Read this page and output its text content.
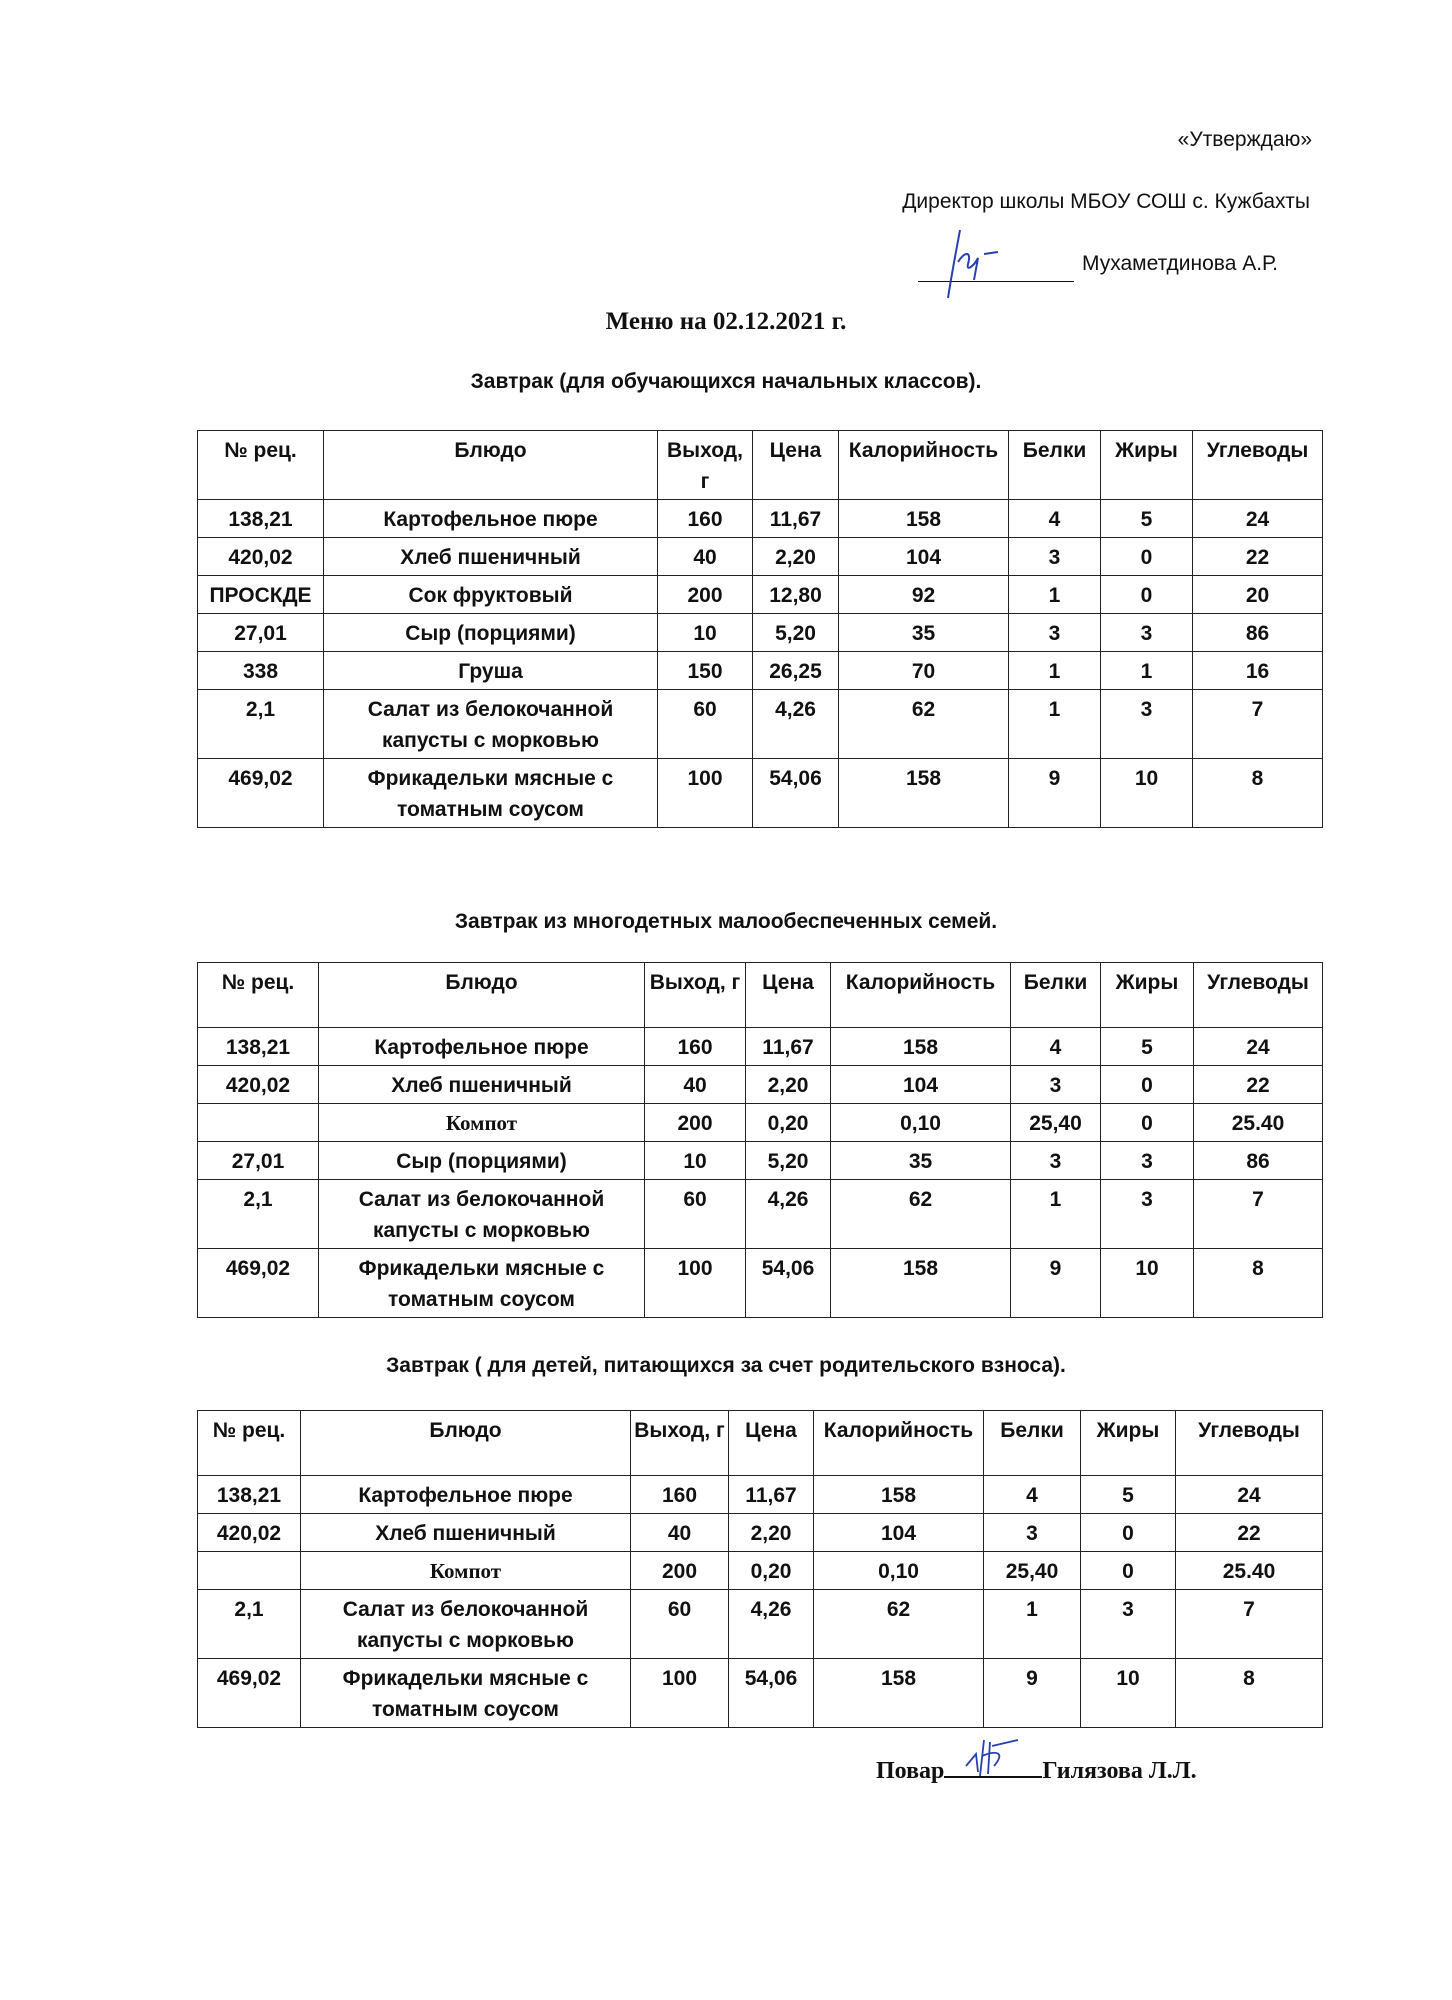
«Утверждаю»
Директор школы МБОУ СОШ с. Кужбахты
Мухаметдинова А.Р.
Меню на 02.12.2021 г.
Завтрак (для обучающихся начальных классов).
№ рец.	Блюдо	Выход, г	Цена	Калорийность	Белки	Жиры	Углеводы
138,21	Картофельное пюре	160	11,67	158	4	5	24
420,02	Хлеб пшеничный	40	2,20	104	3	0	22
ПРОСКДЕ	Сок фруктовый	200	12,80	92	1	0	20
27,01	Сыр (порциями)	10	5,20	35	3	3	86
338	Груша	150	26,25	70	1	1	16
2,1	Салат из белокочанной капусты с морковью	60	4,26	62	1	3	7
469,02	Фрикадельки мясные с томатным соусом	100	54,06	158	9	10	8
Завтрак из многодетных малообеспеченных семей.
№ рец.	Блюдо	Выход, г	Цена	Калорийность	Белки	Жиры	Углеводы
138,21	Картофельное пюре	160	11,67	158	4	5	24
420,02	Хлеб пшеничный	40	2,20	104	3	0	22
	Компот	200	0,20	0,10	25,40	0	25.40
27,01	Сыр (порциями)	10	5,20	35	3	3	86
2,1	Салат из белокочанной капусты с морковью	60	4,26	62	1	3	7
469,02	Фрикадельки мясные с томатным соусом	100	54,06	158	9	10	8
Завтрак ( для детей, питающихся за счет родительского взноса).
№ рец.	Блюдо	Выход, г	Цена	Калорийность	Белки	Жиры	Углеводы
138,21	Картофельное пюре	160	11,67	158	4	5	24
420,02	Хлеб пшеничный	40	2,20	104	3	0	22
	Компот	200	0,20	0,10	25,40	0	25.40
2,1	Салат из белокочанной капусты с морковью	60	4,26	62	1	3	7
469,02	Фрикадельки мясные с томатным соусом	100	54,06	158	9	10	8
Повар	Гилязова Л.Л.
